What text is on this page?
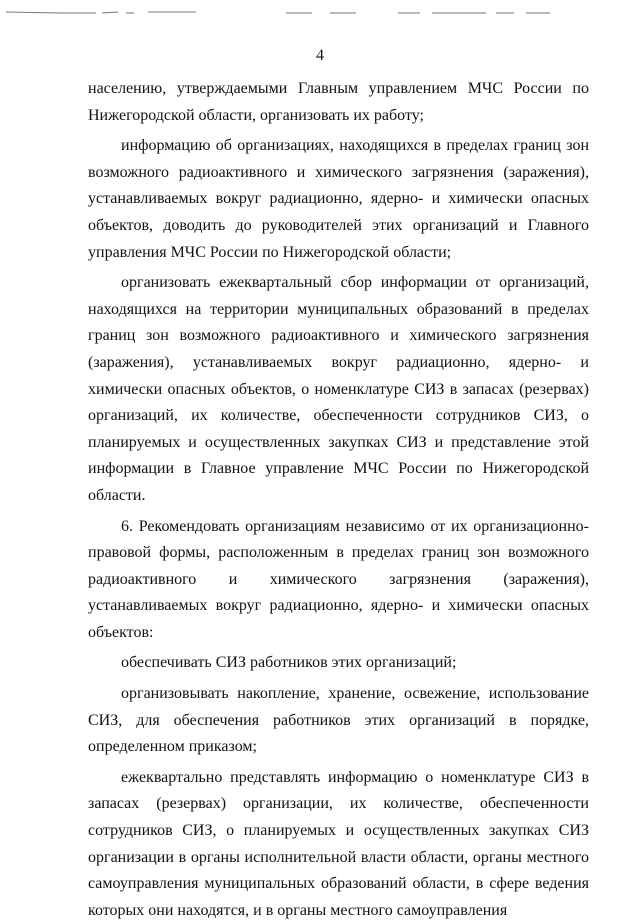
4

населению, утверждаемыми Главным управлением МЧС России по Нижегородской области, организовать их работу;

информацию об организациях, находящихся в пределах границ зон возможного радиоактивного и химического загрязнения (заражения), устанавливаемых вокруг радиационно, ядерно- и химически опасных объектов, доводить до руководителей этих организаций и Главного управления МЧС России по Нижегородской области;

организовать ежеквартальный сбор информации от организаций, находящихся на территории муниципальных образований в пределах границ зон возможного радиоактивного и химического загрязнения (заражения), устанавливаемых вокруг радиационно, ядерно- и химически опасных объектов, о номенклатуре СИЗ в запасах (резервах) организаций, их количестве, обеспеченности сотрудников СИЗ, о планируемых и осуществленных закупках СИЗ и представление этой информации в Главное управление МЧС России по Нижегородской области.

6. Рекомендовать организациям независимо от их организационно-правовой формы, расположенным в пределах границ зон возможного радиоактивного и химического загрязнения (заражения), устанавливаемых вокруг радиационно, ядерно- и химически опасных объектов:

обеспечивать СИЗ работников этих организаций;

организовывать накопление, хранение, освежение, использование СИЗ, для обеспечения работников этих организаций в порядке, определенном приказом;

ежеквартально представлять информацию о номенклатуре СИЗ в запасах (резервах) организации, их количестве, обеспеченности сотрудников СИЗ, о планируемых и осуществленных закупках СИЗ организации в органы исполнительной власти области, органы местного самоуправления муниципальных образований области, в сфере ведения которых они находятся, и в органы местного самоуправления
